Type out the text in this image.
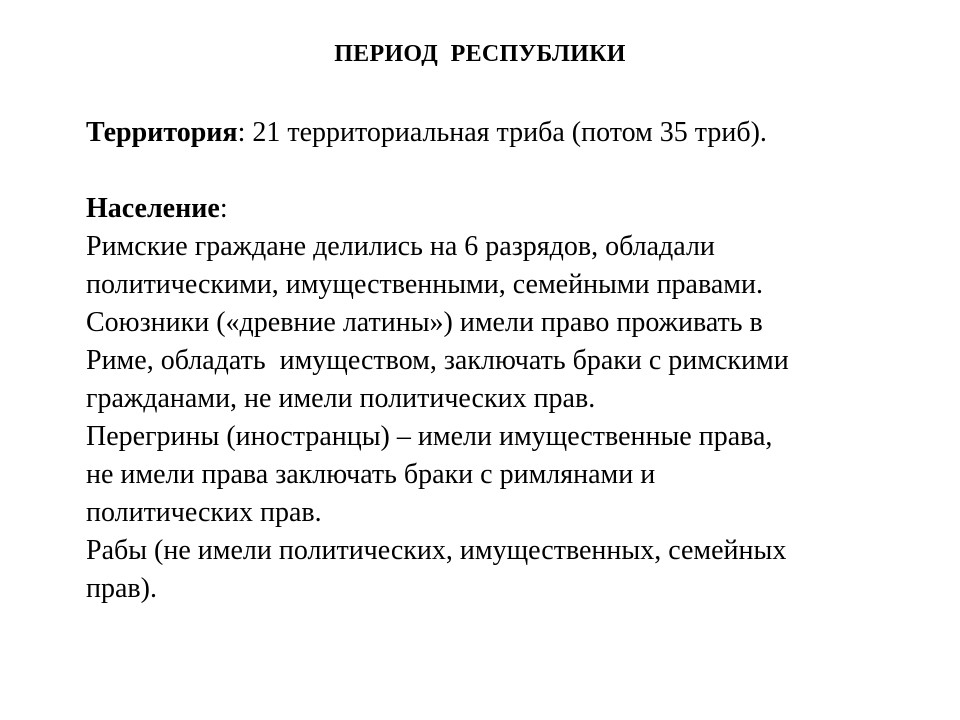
ПЕРИОД  РЕСПУБЛИКИ

Территория: 21 территориальная триба (потом 35 триб).

Население:
Римские граждане делились на 6 разрядов, обладали
политическими, имущественными, семейными правами.
Союзники («древние латины») имели право проживать в
Риме, обладать  имуществом, заключать браки с римскими
гражданами, не имели политических прав.
Перегрины (иностранцы) – имели имущественные права,
не имели права заключать браки с римлянами и
политических прав.
Рабы (не имели политических, имущественных, семейных
прав).
